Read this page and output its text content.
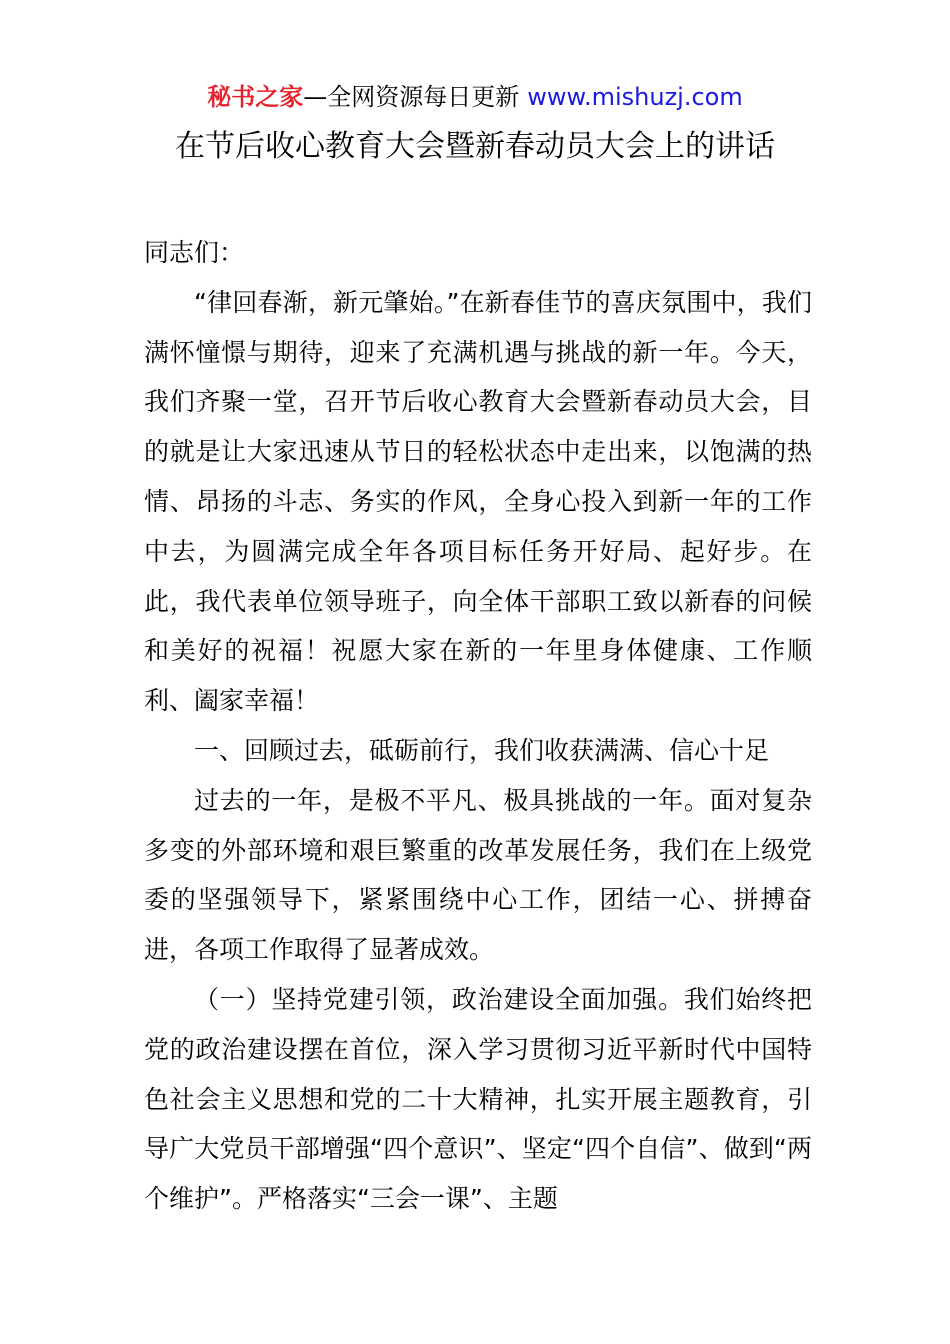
秘书之家—全网资源每日更新 www.mishuzj.com
在节后收心教育大会暨新春动员大会上的讲话

同志们：

“律回春渐，新元肇始。”在新春佳节的喜庆氛围中，我们满怀憧憬与期待，迎来了充满机遇与挑战的新一年。今天，我们齐聚一堂，召开节后收心教育大会暨新春动员大会，目的就是让大家迅速从节日的轻松状态中走出来，以饱满的热情、昂扬的斗志、务实的作风，全身心投入到新一年的工作中去，为圆满完成全年各项目标任务开好局、起好步。在此，我代表单位领导班子，向全体干部职工致以新春的问候和美好的祝福！祝愿大家在新的一年里身体健康、工作顺利、阖家幸福！

一、回顾过去，砥砺前行，我们收获满满、信心十足

过去的一年，是极不平凡、极具挑战的一年。面对复杂多变的外部环境和艰巨繁重的改革发展任务，我们在上级党委的坚强领导下，紧紧围绕中心工作，团结一心、拼搏奋进，各项工作取得了显著成效。

（一）坚持党建引领，政治建设全面加强。我们始终把党的政治建设摆在首位，深入学习贯彻习近平新时代中国特色社会主义思想和党的二十大精神，扎实开展主题教育，引导广大党员干部增强“四个意识”、坚定“四个自信”、做到“两个维护”。严格落实“三会一课”、主题
